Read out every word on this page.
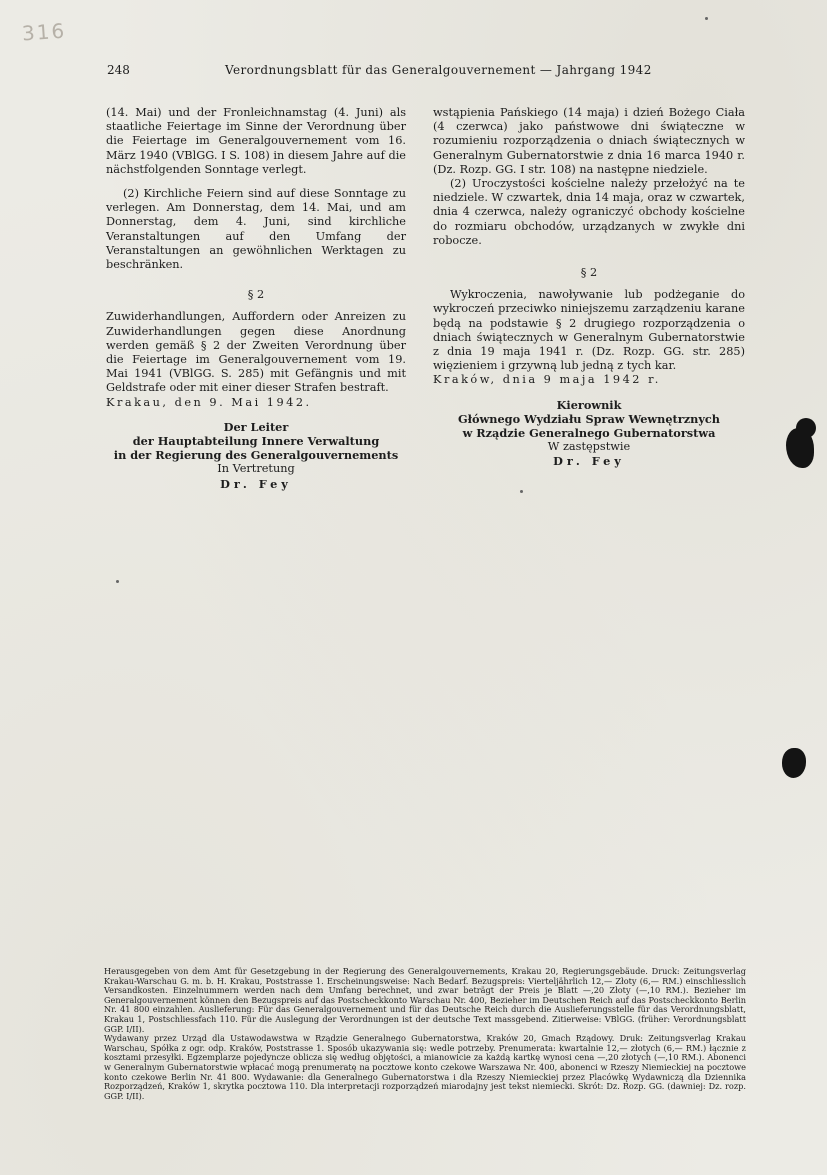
316
248	Verordnungsblatt für das Generalgouvernement — Jahrgang 1942

(14. Mai) und der Fronleichnamstag (4. Juni) als staatliche Feiertage im Sinne der Verordnung über die Feiertage im Generalgouvernement vom 16. März 1940 (VBlGG. I S. 108) in diesem Jahre auf die nächstfolgenden Sonntage verlegt.

(2) Kirchliche Feiern sind auf diese Sonntage zu verlegen. Am Donnerstag, dem 14. Mai, und am Donnerstag, dem 4. Juni, sind kirchliche Veranstaltungen auf den Umfang der Veranstaltungen an gewöhnlichen Werktagen zu beschränken.

§ 2

Zuwiderhandlungen, Auffordern oder Anreizen zu Zuwiderhandlungen gegen diese Anordnung werden gemäß § 2 der Zweiten Verordnung über die Feiertage im Generalgouvernement vom 19. Mai 1941 (VBlGG. S. 285) mit Gefängnis und mit Geldstrafe oder mit einer dieser Strafen bestraft.

Krakau, den 9. Mai 1942.

Der Leiter
der Hauptabteilung Innere Verwaltung
in der Regierung des Generalgouvernements
In Vertretung
Dr. Fey

wstąpienia Pańskiego (14 maja) i dzień Bożego Ciała (4 czerwca) jako państwowe dni świąteczne w rozumieniu rozporządzenia o dniach świątecznych w Generalnym Gubernatorstwie z dnia 16 marca 1940 r. (Dz. Rozp. GG. I str. 108) na następne niedziele.

(2) Uroczystości kościelne należy przełożyć na te niedziele. W czwartek, dnia 14 maja, oraz w czwartek, dnia 4 czerwca, należy ograniczyć obchody kościelne do rozmiaru obchodów, urządzanych w zwykłe dni robocze.

§ 2

Wykroczenia, nawoływanie lub podżeganie do wykroczeń przeciwko niniejszemu zarządzeniu karane będą na podstawie § 2 drugiego rozporządzenia o dniach świątecznych w Generalnym Gubernatorstwie z dnia 19 maja 1941 r. (Dz. Rozp. GG. str. 285) więzieniem i grzywną lub jedną z tych kar.

Kraków, dnia 9 maja 1942 r.

Kierownik
Głównego Wydziału Spraw Wewnętrznych
w Rządzie Generalnego Gubernatorstwa
W zastępstwie
Dr. Fey

Herausgegeben von dem Amt für Gesetzgebung in der Regierung des Generalgouvernements, Krakau 20, Regierungsgebäude. Druck: Zeitungsverlag Krakau-Warschau G. m. b. H. Krakau, Poststrasse 1. Erscheinungsweise: Nach Bedarf. Bezugspreis: Vierteljährlich 12,— Złoty (6,— RM.) einschliesslich Versandkosten. Einzelnummern werden nach dem Umfang berechnet, und zwar beträgt der Preis je Blatt —,20 Złoty (—,10 RM.). Bezieher im Generalgouvernement können den Bezugspreis auf das Postscheckkonto Warschau Nr. 400, Bezieher im Deutschen Reich auf das Postscheckkonto Berlin Nr. 41 800 einzahlen. Auslieferung: Für das Generalgouvernement und für das Deutsche Reich durch die Auslieferungsstelle für das Verordnungsblatt, Krakau 1, Postschliessfach 110. Für die Auslegung der Verordnungen ist der deutsche Text massgebend. Zitierweise: VBlGG. (früher: Verordnungsblatt GGP. I/II).

Wydawany przez Urząd dla Ustawodawstwa w Rządzie Generalnego Gubernatorstwa, Kraków 20, Gmach Rządowy. Druk: Zeitungsverlag Krakau Warschau, Spółka z ogr. odp. Kraków, Poststrasse 1. Sposób ukazywania się: wedle potrzeby. Prenumerata: kwartalnie 12,— złotych (6,— RM.) łącznie z kosztami przesyłki. Egzemplarze pojedyncze oblicza się według objętości, a mianowicie za każdą kartkę wynosi cena —,20 złotych (—,10 RM.). Abonenci w Generalnym Gubernatorstwie wpłacać mogą prenumeratę na pocztowe konto czekowe Warszawa Nr. 400, abonenci w Rzeszy Niemieckiej na pocztowe konto czekowe Berlin Nr. 41 800. Wydawanie: dla Generalnego Gubernatorstwa i dla Rzeszy Niemieckiej przez Placówkę Wydawniczą dla Dziennika Rozporządzeń, Kraków 1, skrytka pocztowa 110. Dla interpretacji rozporządzeń miarodajny jest tekst niemiecki. Skrót: Dz. Rozp. GG. (dawniej: Dz. rozp. GGP. I/II).
